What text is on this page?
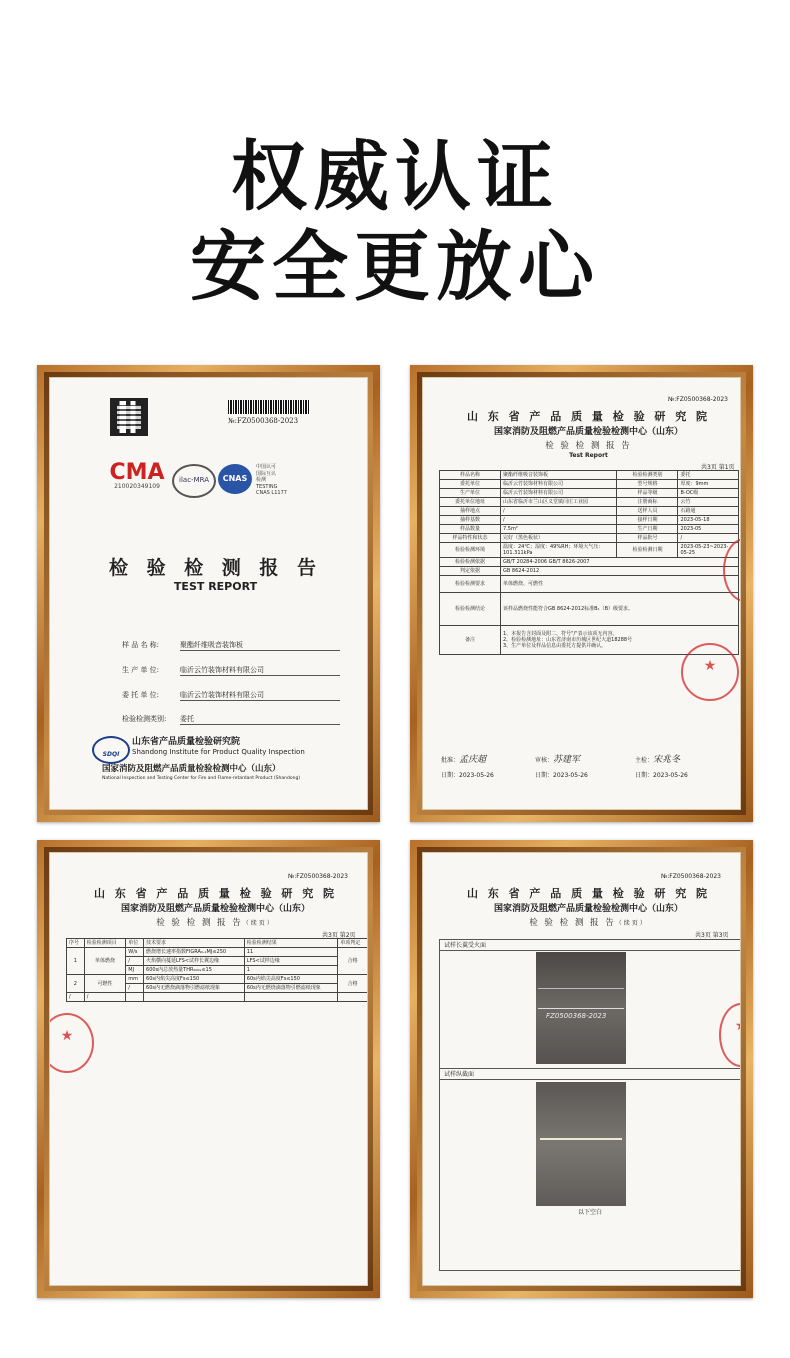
权威认证
安全更放心
№:FZ0500368-2023
CMA
210020349109
ilac-MRA	CNAS
中国认可
国际互认
检测
TESTING
CNAS L1177
检 验 检 测 报 告
TEST REPORT
样 品 名 称:	聚酯纤维吸音装饰板
生 产 单 位:	临沂云竹装饰材料有限公司
委 托 单 位:	临沂云竹装饰材料有限公司
检验检测类别: 委托
SDQI
山东省产品质量检验研究院
Shandong Institute for Product Quality Inspection
国家消防及阻燃产品质量检验检测中心（山东）
National Inspection and Testing Center for Fire and Flame-retardant Product (Shandong)
№:FZ0500368-2023
山 东 省 产 品 质 量 检 验 研 究 院
国家消防及阻燃产品质量检验检测中心（山东）
检 验 检 测 报 告
Test Report
共3页 第1页
样品名称	聚酯纤维吸音装饰板	检验检测类别	委托
委托单位	临沂云竹装饰材料有限公司	型号规格	厚度：9mm
生产单位	临沂云竹装饰材料有限公司	样品等级	B-OC级
委托单位地址	山东省临沂市兰山区义堂镇闫庄工业园	注册商标	云竹
抽样地点	/	送样人员	石路通
抽样基数	/	接样日期	2023-05-18
样品数量	7.5m²	生产日期	2023-05
样品特性和状态	完好（黑色板状）	样品批号	/
检验检测环境	温度：24℃；湿度：49%RH；环境大气压：101.311kPa	检验检测日期	2023-05-23~2023-05-25
检验检测依据	GB/T 20284-2006 GB/T 8626-2007		
判定依据	GB 8624-2012		
检验检测要求	单体燃烧、可燃性		
检验检测结论	该样品燃烧性能符合GB 8624-2012标准B₁（B）级要求。		
备注	1、本报告含封面及附二，符号"/"表示该项无内容。
2、检验检测地址：山东省济南市历城区世纪大道18288号
3、生产单位及样品信息由委托方提供并确认。		
★
★
批准：孟庆超	审核：苏建军	主检：宋兆冬
日期：2023-05-26	日期：2023-05-26	日期：2023-05-26
№:FZ0500368-2023
山 东 省 产 品 质 量 检 验 研 究 院
国家消防及阻燃产品质量检验检测中心（山东）
检 验 检 测 报 告（续页）
共3页 第2页
序号	检验检测项目	单位	技术要求	检验检测结果	单项判定
1	单体燃烧	W/s	燃烧增长速率指数FIGRA₀.₂MJ≤250	11	合格
		/	火焰横向蔓延LFS<试样长翼边缘	LFS<试样边缘	
		MJ	600s内总放热量THR₆₀₀ₛ≤15	1	
2	可燃性	mm	60s内焰尖高度Fs≤150	60s内焰尖高度Fs≤150	合格
		/	60s内无燃烧滴落物引燃滤纸现象	60s内无燃烧滴落物引燃滤纸现象	
/	/				
★
№:FZ0500368-2023
山 东 省 产 品 质 量 检 验 研 究 院
国家消防及阻燃产品质量检验检测中心（山东）
检 验 检 测 报 告（续页）
共3页 第3页
试样长翼受火面
FZ0500368-2023
试样纵截面
以下空白
★
